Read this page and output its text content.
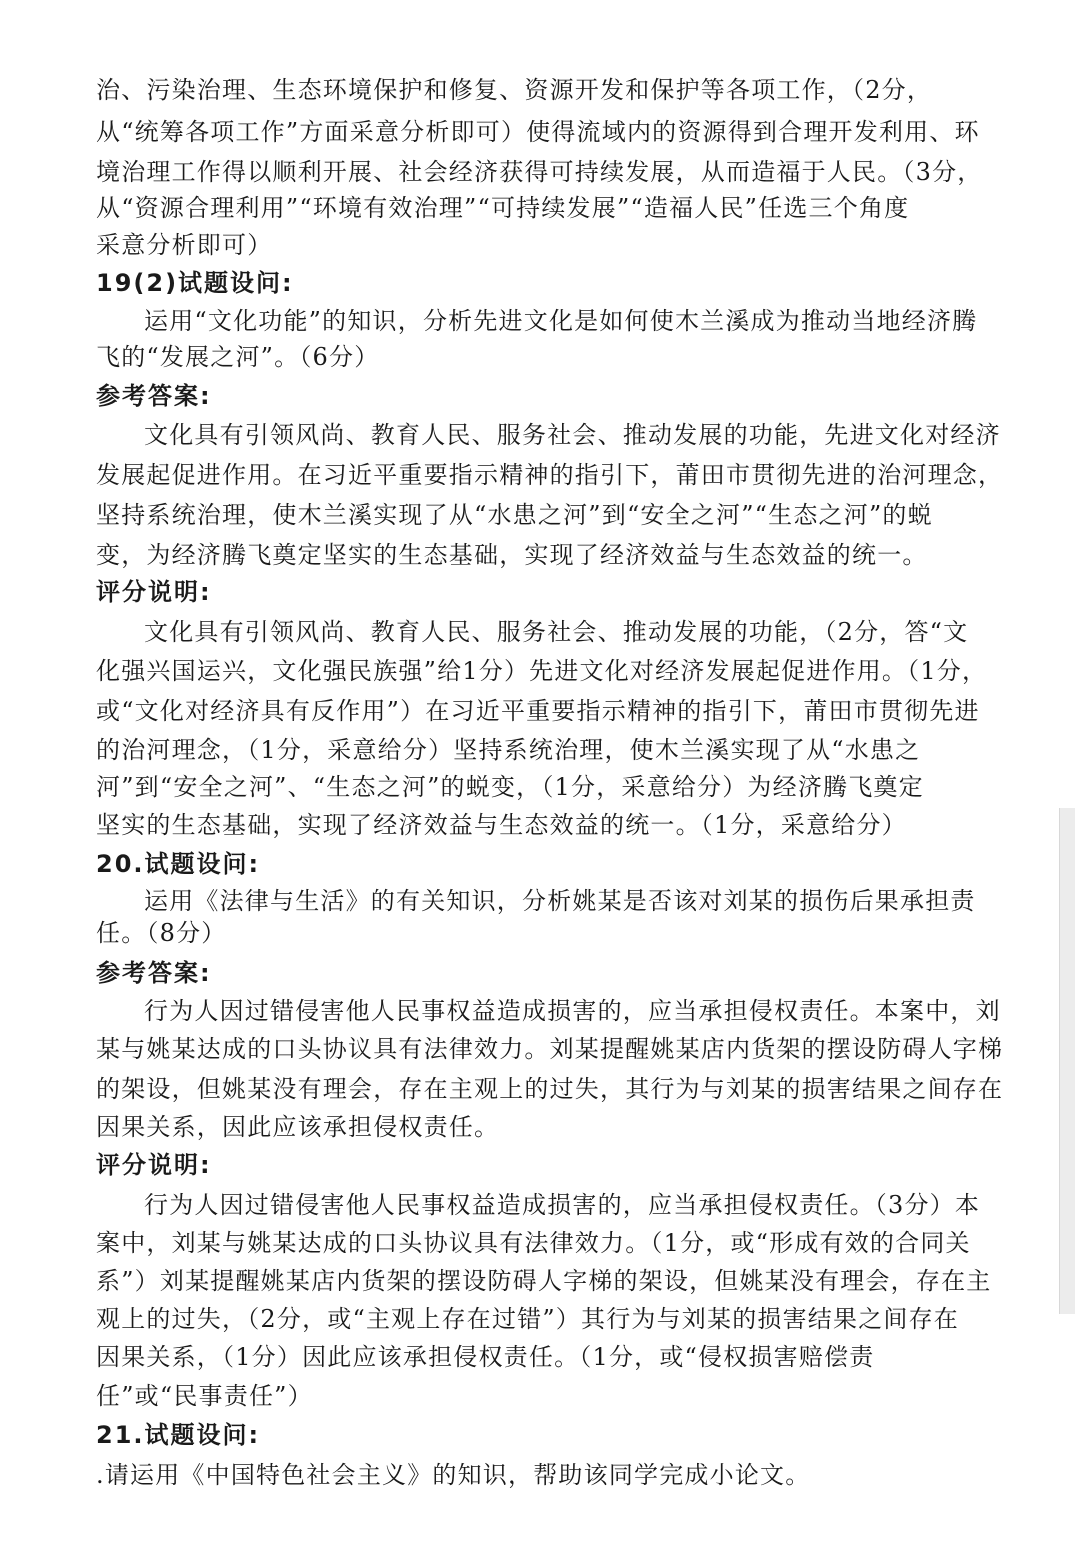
治、污染治理、生态环境保护和修复、资源开发和保护等各项工作，（2分，
从“统筹各项工作”方面采意分析即可）使得流域内的资源得到合理开发利用、环
境治理工作得以顺利开展、社会经济获得可持续发展，从而造福于人民。（3分，
从“资源合理利用”“环境有效治理”“可持续发展”“造福人民”任选三个角度
采意分析即可）
19(2)试题设问:
运用“文化功能”的知识，分析先进文化是如何使木兰溪成为推动当地经济腾
飞的“发展之河”。（6分）
参考答案:
文化具有引领风尚、教育人民、服务社会、推动发展的功能，先进文化对经济
发展起促进作用。在习近平重要指示精神的指引下，莆田市贯彻先进的治河理念，
坚持系统治理，使木兰溪实现了从“水患之河”到“安全之河”“生态之河”的蜕
变，为经济腾飞奠定坚实的生态基础，实现了经济效益与生态效益的统一。
评分说明:
文化具有引领风尚、教育人民、服务社会、推动发展的功能，（2分，答“文
化强兴国运兴，文化强民族强”给1分）先进文化对经济发展起促进作用。（1分，
或“文化对经济具有反作用”）在习近平重要指示精神的指引下，莆田市贯彻先进
的治河理念，（1分，采意给分）坚持系统治理，使木兰溪实现了从“水患之
河”到“安全之河”、“生态之河”的蜕变，（1分，采意给分）为经济腾飞奠定
坚实的生态基础，实现了经济效益与生态效益的统一。（1分，采意给分）
20.试题设问:
运用《法律与生活》的有关知识，分析姚某是否该对刘某的损伤后果承担责
任。（8分）
参考答案:
行为人因过错侵害他人民事权益造成损害的，应当承担侵权责任。本案中，刘
某与姚某达成的口头协议具有法律效力。刘某提醒姚某店内货架的摆设防碍人字梯
的架设，但姚某没有理会，存在主观上的过失，其行为与刘某的损害结果之间存在
因果关系，因此应该承担侵权责任。
评分说明:
行为人因过错侵害他人民事权益造成损害的，应当承担侵权责任。（3分）本
案中，刘某与姚某达成的口头协议具有法律效力。（1分，或“形成有效的合同关
系”）刘某提醒姚某店内货架的摆设防碍人字梯的架设，但姚某没有理会，存在主
观上的过失，（2分，或“主观上存在过错”）其行为与刘某的损害结果之间存在
因果关系，（1分）因此应该承担侵权责任。（1分，或“侵权损害赔偿责
任”或“民事责任”）
21.试题设问:
.请运用《中国特色社会主义》的知识，帮助该同学完成小论文。
